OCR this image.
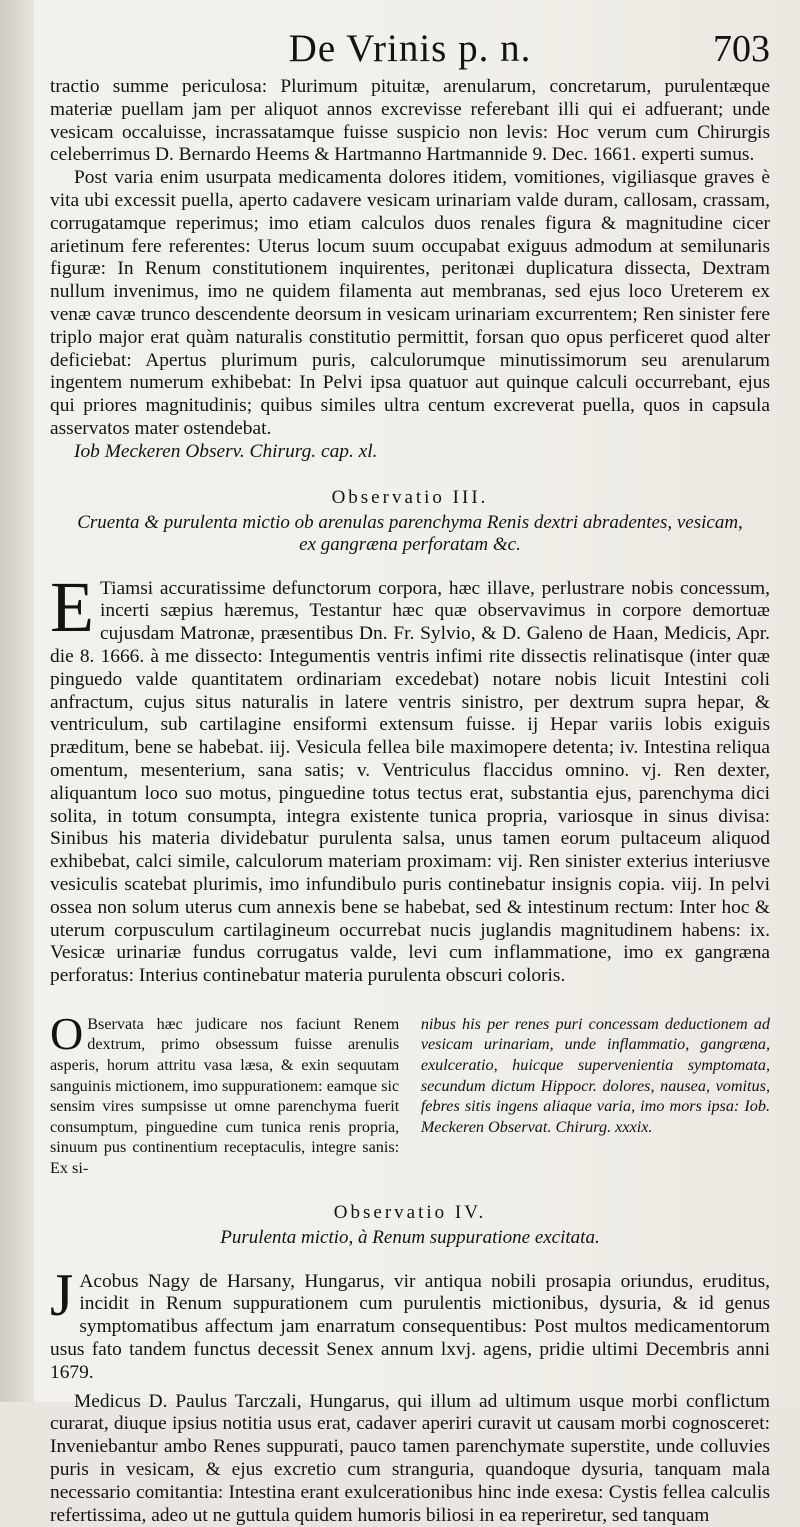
De Vrinis p. n.	703

tractio summe periculosa: Plurimum pituitæ, arenularum, concretarum, purulentæque materiæ puellam jam per aliquot annos excrevisse referebant illi qui ei adfuerant; unde vesicam occaluisse, incrassatamque fuisse suspicio non levis: Hoc verum cum Chirurgis celeberrimus D. Bernardo Heems & Hartmanno Hartmannide 9. Dec. 1661. experti sumus.

Post varia enim usurpata medicamenta dolores itidem, vomitiones, vigiliasque graves è vita ubi excessit puella, aperto cadavere vesicam urinariam valde duram, callosam, crassam, corrugatamque reperimus; imo etiam calculos duos renales figura & magnitudine cicer arietinum fere referentes: Uterus locum suum occupabat exiguus admodum at semilunaris figuræ: In Renum constitutionem inquirentes, peritonæi duplicatura dissecta, Dextram nullum invenimus, imo ne quidem filamenta aut membranas, sed ejus loco Ureterem ex venæ cavæ trunco descendente deorsum in vesicam urinariam excurrentem; Ren sinister fere triplo major erat quàm naturalis constitutio permittit, forsan quo opus perficeret quod alter deficiebat: Apertus plurimum puris, calculorumque minutissimorum seu arenularum ingentem numerum exhibebat: In Pelvi ipsa quatuor aut quinque calculi occurrebant, ejus qui priores magnitudinis; quibus similes ultra centum excreverat puella, quos in capsula asservatos mater ostendebat.

Iob Meckeren Observ. Chirurg. cap. xl.

Observatio III.
Cruenta & purulenta mictio ob arenulas parenchyma Renis dextri abradentes, vesicam, ex gangræna perforatam &c.

E Tiamsi accuratissime defunctorum corpora, hæc illave, perlustrare nobis concessum, incerti sæpius hæremus, Testantur hæc quæ observavimus in corpore demortuæ cujusdam Matronæ, præsentibus Dn. Fr. Sylvio, & D. Galeno de Haan, Medicis, Apr. die 8. 1666. à me dissecto: Integumentis ventris infimi rite dissectis relinatisque (inter quæ pinguedo valde quantitatem ordinariam excedebat) notare nobis licuit Intestini coli anfractum, cujus situs naturalis in latere ventris sinistro, per dextrum supra hepar, & ventriculum, sub cartilagine ensiformi extensum fuisse. ij Hepar variis lobis exiguis præditum, bene se habebat. iij. Vesicula fellea bile maximopere detenta; iv. Intestina reliqua omentum, mesenterium, sana satis; v. Ventriculus flaccidus omnino. vj. Ren dexter, aliquantum loco suo motus, pinguedine totus tectus erat, substantia ejus, parenchyma dici solita, in totum consumpta, integra existente tunica propria, variosque in sinus divisa: Sinibus his materia dividebatur purulenta salsa, unus tamen eorum pultaceum aliquod exhibebat, calci simile, calculorum materiam proximam: vij. Ren sinister exterius interiusve vesiculis scatebat plurimis, imo infundibulo puris continebatur insignis copia. viij. In pelvi ossea non solum uterus cum annexis bene se habebat, sed & intestinum rectum: Inter hoc & uterum corpusculum cartilagineum occurrebat nucis juglandis magnitudinem habens: ix. Vesicæ urinariæ fundus corrugatus valde, levi cum inflammatione, imo ex gangræna perforatus: Interius continebatur materia purulenta obscuri coloris.

O Bservata hæc judicare nos faciunt Renem dextrum, primo obsessum fuisse arenulis asperis, horum attritu vasa læsa, & exin sequutam sanguinis mictionem, imo suppurationem: eamque sic sensim vires sumpsisse ut omne parenchyma fuerit consumptum, pinguedine cum tunica renis propria, sinuum pus continentium receptaculis, integre sanis: Ex si-
nibus his per renes puri concessam deductionem ad vesicam urinariam, unde inflammatio, gangræna, exulceratio, huicque supervenientia symptomata, secundum dictum Hippocr. dolores, nausea, vomitus, febres sitis ingens aliaque varia, imo mors ipsa: Iob. Meckeren Observat. Chirurg. xxxix.
Observatio IV.
Purulenta mictio, à Renum suppuratione excitata.

J Acobus Nagy de Harsany, Hungarus, vir antiqua nobili prosapia oriundus, eruditus, incidit in Renum suppurationem cum purulentis mictionibus, dysuria, & id genus symptomatibus affectum jam enarratum consequentibus: Post multos medicamentorum usus fato tandem functus decessit Senex annum lxvj. agens, pridie ultimi Decembris anni 1679.

Medicus D. Paulus Tarczali, Hungarus, qui illum ad ultimum usque morbi conflictum curarat, diuque ipsius notitia usus erat, cadaver aperiri curavit ut causam morbi cognosceret: Inveniebantur ambo Renes suppurati, pauco tamen parenchymate superstite, unde colluvies puris in vesicam, & ejus excretio cum stranguria, quandoque dysuria, tanquam mala necessario comitantia: Intestina erant exulcerationibus hinc inde exesa: Cystis fellea calculis refertissima, adeo ut ne guttula quidem humoris biliosi in ea reperiretur, sed tanquam
